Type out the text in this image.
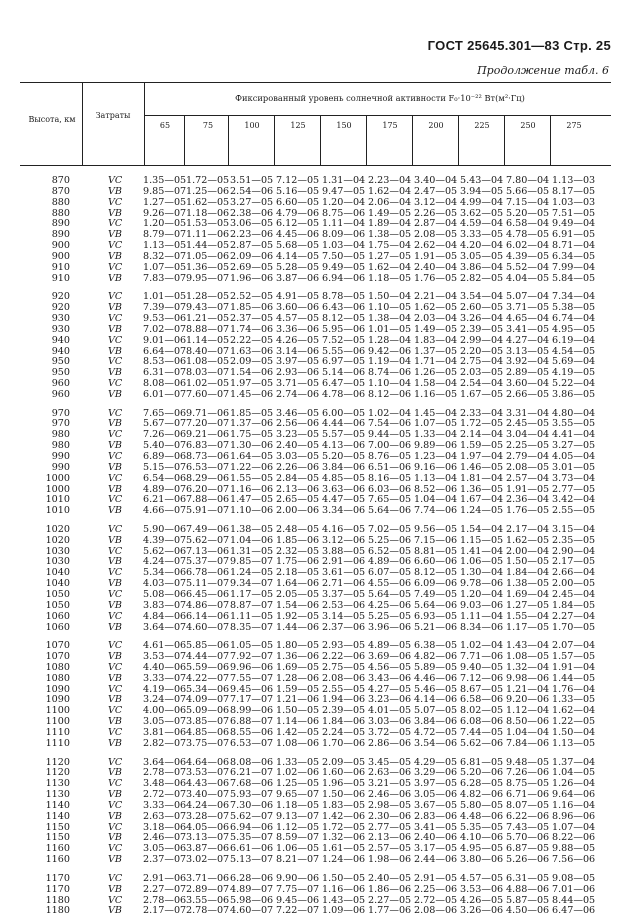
ГОСТ 25645.301—83 Стр. 25
Продолжение табл. 6
Высота, км	Затраты
Фиксированный уровень солнечной активности F₀·10⁻²² Вт(м²·Гц)
65	75	100	125	150	175	200	225	250	275
870	VC 1.35—05 1.72—05 3.51—05 7.12—05 1.31—04 2.23—04 3.40—04 5.43—04 7.80—04 1.13—03
870	VB 9.85—07 1.25—06 2.54—06 5.16—05 9.47—05 1.62—04 2.47—05 3.94—05 5.66—05 8.17—05
880	VC 1.27—05 1.62—05 3.27—05 6.60—05 1.20—04 2.06—04 3.12—04 4.99—04 7.15—04 1.03—03
880	VB 9.26—07 1.18—06 2.38—06 4.79—06 8.75—06 1.49—05 2.26—05 3.62—05 5.20—05 7.51—05
890	VC 1.20—05 1.53—05 3.06—05 6.12—05 1.11—04 1.89—04 2.87—04 4.59—04 6.58—04 9.49—04
890	VB 8.79—07 1.11—06 2.23—06 4.45—06 8.09—06 1.38—05 2.08—05 3.33—05 4.78—05 6.91—05
900	VC 1.13—05 1.44—05 2.87—05 5.68—05 1.03—04 1.75—04 2.62—04 4.20—04 6.02—04 8.71—04
900	VB 8.32—07 1.05—06 2.09—06 4.14—05 7.50—05 1.27—05 1.91—05 3.05—05 4.39—05 6.34—05
910	VC 1.07—05 1.36—05 2.69—05 5.28—05 9.49—05 1.62—04 2.40—04 3.86—04 5.52—04 7.99—04
910	VB 7.83—07 9.95—07 1.96—06 3.87—06 6.94—06 1.18—05 1.76—05 2.82—05 4.04—05 5.84—05
920	VC 1.01—05 1.28—05 2.52—05 4.91—05 8.78—05 1.50—04 2.21—04 3.54—04 5.07—04 7.34—04
920	VB 7.39—07 9.43—07 1.85—06 3.60—06 6.43—06 1.10—05 1.62—05 2.60—05 3.71—05 5.38—05
930	VC 9.53—06 1.21—05 2.37—05 4.57—05 8.12—05 1.38—04 2.03—04 3.26—04 4.65—04 6.74—04
930	VB 7.02—07 8.88—07 1.74—06 3.36—06 5.95—06 1.01—05 1.49—05 2.39—05 3.41—05 4.95—05
940	VC 9.01—06 1.14—05 2.22—05 4.26—05 7.52—05 1.28—04 1.83—04 2.99—04 4.27—04 6.19—04
940	VB 6.64—07 8.40—07 1.63—06 3.14—06 5.55—06 9.42—06 1.37—05 2.20—05 3.13—05 4.54—05
950	VC 8.53—06 1.08—05 2.09—05 3.97—05 6.97—05 1.19—04 1.71—04 2.75—04 3.92—04 5.69—04
950	VB 6.31—07 8.03—07 1.54—06 2.93—06 5.14—06 8.74—06 1.26—05 2.03—05 2.89—05 4.19—05
960	VC 8.08—06 1.02—05 1.97—05 3.71—05 6.47—05 1.10—04 1.58—04 2.54—04 3.60—04 5.22—04
960	VB 6.01—07 7.60—07 1.45—06 2.74—06 4.78—06 8.12—06 1.16—05 1.67—05 2.66—05 3.86—05
970	VC 7.65—06 9.71—06 1.85—05 3.46—05 6.00—05 1.02—04 1.45—04 2.33—04 3.31—04 4.80—04
970	VB 5.67—07 7.20—07 1.37—06 2.56—06 4.44—06 7.54—06 1.07—05 1.72—05 2.45—05 3.55—05
980	VC 7.26—06 9.21—06 1.75—05 3.23—05 5.57—05 9.44—05 1.33—04 2.14—04 3.04—04 4.41—04
980	VB 5.40—07 6.83—07 1.30—06 2.40—05 4.13—06 7.00—06 9.89—06 1.59—05 2.25—05 3.27—05
990	VC 6.89—06 8.73—06 1.64—05 3.03—05 5.20—05 8.76—05 1.23—04 1.97—04 2.79—04 4.05—04
990	VB 5.15—07 6.53—07 1.22—06 2.26—06 3.84—06 6.51—06 9.16—06 1.46—05 2.08—05 3.01—05
1000	VC 6.54—06 8.29—06 1.55—05 2.84—05 4.85—05 8.16—05 1.13—04 1.81—04 2.57—04 3.73—04
1000	VB 4.89—07 6.20—07 1.16—06 2.13—06 3.63—06 6.03—06 8.52—06 1.36—05 1.91—05 2.77—05
1010	VC 6.21—06 7.88—06 1.47—05 2.65—05 4.47—05 7.65—05 1.04—04 1.67—04 2.36—04 3.42—04
1010	VB 4.66—07 5.91—07 1.10—06 2.00—06 3.34—06 5.64—06 7.74—06 1.24—05 1.76—05 2.55—05
1020	VC 5.90—06 7.49—06 1.38—05 2.48—05 4.16—05 7.02—05 9.56—05 1.54—04 2.17—04 3.15—04
1020	VB 4.39—07 5.62—07 1.04—06 1.85—06 3.12—06 5.25—06 7.15—06 1.15—05 1.62—05 2.35—05
1030	VC 5.62—06 7.13—06 1.31—05 2.32—05 3.88—05 6.52—05 8.81—05 1.41—04 2.00—04 2.90—04
1030	VB 4.24—07 5.37—07 9.85—07 1.75—06 2.91—06 4.89—06 6.60—06 1.06—05 1.50—05 2.17—05
1040	VC 5.34—06 6.78—06 1.24—05 2.18—05 3.61—05 6.07—05 8.12—05 1.30—04 1.84—04 2.66—04
1040	VB 4.03—07 5.11—07 9.34—07 1.64—06 2.71—06 4.55—06 6.09—06 9.78—06 1.38—05 2.00—05
1050	VC 5.08—06 6.45—06 1.17—05 2.05—05 3.37—05 5.64—05 7.49—05 1.20—04 1.69—04 2.45—04
1050	VB 3.83—07 4.86—07 8.87—07 1.54—06 2.53—06 4.25—06 5.64—06 9.03—06 1.27—05 1.84—05
1060	VC 4.84—06 6.14—06 1.11—05 1.92—05 3.14—05 5.25—05 6.93—05 1.11—04 1.55—04 2.27—04
1060	VB 3.64—07 4.60—07 8.35—07 1.44—06 2.37—06 3.96—06 5.21—06 8.34—06 1.17—05 1.70—05
1070	VC 4.61—06 5.85—06 1.05—05 1.80—05 2.93—05 4.89—05 6.38—05 1.02—04 1.43—04 2.07—04
1070	VB 3.53—07 4.44—07 7.92—07 1.36—06 2.22—06 3.69—06 4.82—06 7.71—06 1.08—05 1.57—05
1080	VC 4.40—06 5.59—06 9.96—06 1.69—05 2.75—05 4.56—05 5.89—05 9.40—05 1.32—04 1.91—04
1080	VB 3.33—07 4.22—07 7.55—07 1.28—06 2.08—06 3.43—06 4.46—06 7.12—06 9.98—06 1.44—05
1090	VC 4.19—06 5.34—06 9.45—06 1.59—05 2.55—05 4.27—05 5.46—05 8.67—05 1.21—04 1.76—04
1090	VB 3.24—07 4.09—07 7.17—07 1.21—06 1.94—06 3.23—06 4.14—06 6.58—06 9.20—06 1.33—05
1100	VC 4.00—06 5.09—06 8.99—06 1.50—05 2.39—05 4.01—05 5.07—05 8.02—05 1.12—04 1.62—04
1100	VB 3.05—07 3.85—07 6.88—07 1.14—06 1.84—06 3.03—06 3.84—06 6.08—06 8.50—06 1.22—05
1110	VC 3.81—06 4.85—06 8.55—06 1.42—05 2.24—05 3.72—05 4.72—05 7.44—05 1.04—04 1.50—04
1110	VB 2.82—07 3.75—07 6.53—07 1.08—06 1.70—06 2.86—06 3.54—06 5.62—06 7.84—06 1.13—05
1120	VC 3.64—06 4.64—06 8.08—06 1.33—05 2.09—05 3.45—05 4.29—05 6.81—05 9.48—05 1.37—04
1120	VB 2.78—07 3.53—07 6.21—07 1.02—06 1.60—06 2.63—06 3.29—06 5.20—06 7.26—06 1.04—05
1130	VC 3.48—06 4.43—06 7.68—06 1.25—05 1.96—05 3.21—05 3.97—05 6.28—05 8.75—05 1.26—04
1130	VB 2.72—07 3.40—07 5.93—07 9.65—07 1.50—06 2.46—06 3.05—06 4.82—06 6.71—06 9.64—06
1140	VC 3.33—06 4.24—06 7.30—06 1.18—05 1.83—05 2.98—05 3.67—05 5.80—05 8.07—05 1.16—04
1140	VB 2.63—07 3.28—07 5.62—07 9.13—07 1.42—06 2.30—06 2.83—06 4.48—06 6.22—06 8.96—06
1150	VC 3.18—06 4.05—06 6.94—06 1.12—05 1.72—05 2.77—05 3.41—05 5.35—05 7.43—05 1.07—04
1150	VB 2.46—07 3.13—07 5.35—07 8.59—07 1.32—06 2.13—06 2.40—06 4.10—06 5.70—06 8.22—06
1160	VC 3.05—06 3.87—06 6.61—06 1.06—05 1.61—05 2.57—05 3.17—05 4.95—05 6.87—05 9.88—05
1160	VB 2.37—07 3.02—07 5.13—07 8.21—07 1.24—06 1.98—06 2.44—06 3.80—06 5.26—06 7.56—06
1170	VC 2.91—06 3.71—06 6.28—06 9.90—06 1.50—05 2.40—05 2.91—05 4.57—05 6.31—05 9.08—05
1170	VB 2.27—07 2.89—07 4.89—07 7.75—07 1.16—06 1.86—06 2.25—06 3.53—06 4.88—06 7.01—06
1180	VC 2.78—06 3.55—06 5.98—06 9.45—06 1.43—05 2.27—05 2.72—05 4.26—05 5.87—05 8.44—05
1180	VB 2.17—07 2.78—07 4.60—07 7.22—07 1.09—06 1.77—06 2.08—06 3.26—06 4.50—06 6.47—06
